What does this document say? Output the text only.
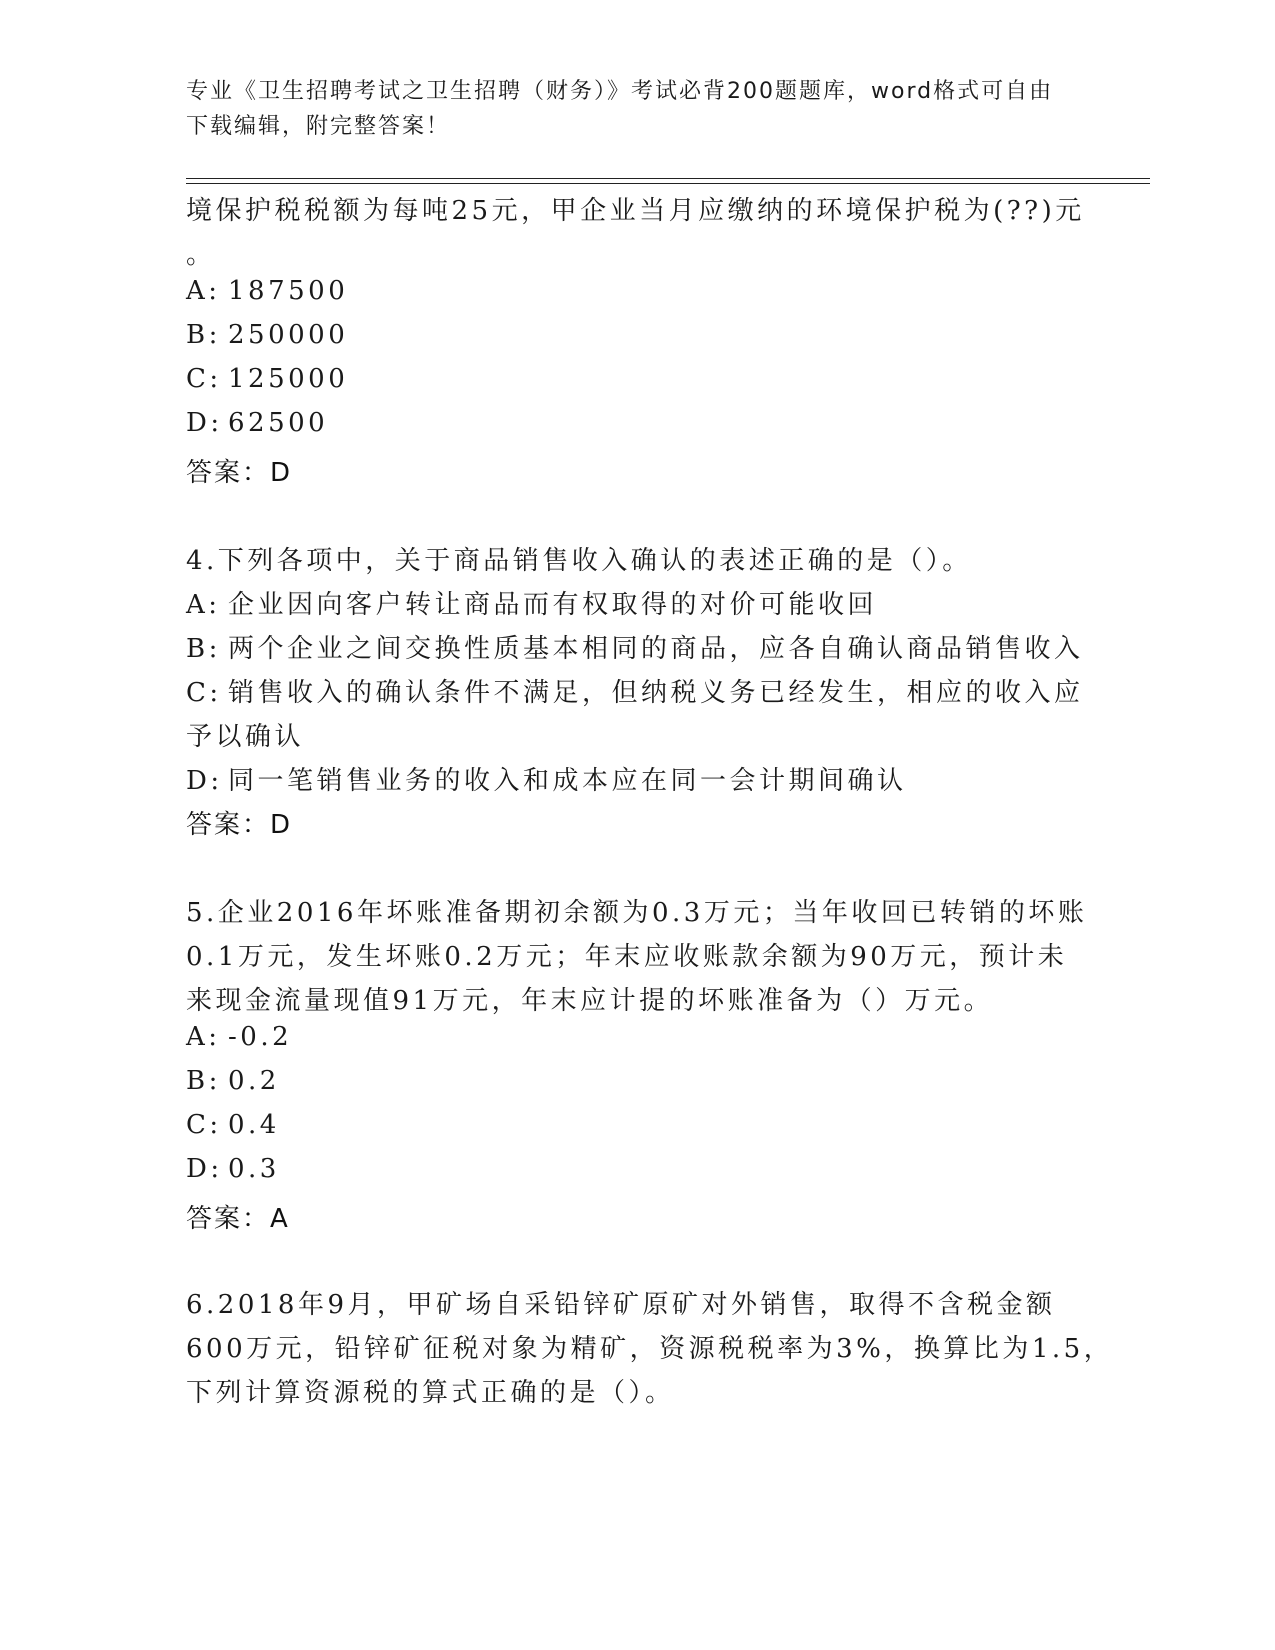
专业《卫生招聘考试之卫生招聘（财务）》考试必背200题题库，word格式可自由下载编辑，附完整答案！
境保护税税额为每吨25元，甲企业当月应缴纳的环境保护税为(??)元
。
A: 187500
B: 250000
C: 125000
D: 62500
答案：D
4.下列各项中，关于商品销售收入确认的表述正确的是（）。
A: 企业因向客户转让商品而有权取得的对价可能收回
B: 两个企业之间交换性质基本相同的商品，应各自确认商品销售收入
C: 销售收入的确认条件不满足，但纳税义务已经发生，相应的收入应
予以确认
D: 同一笔销售业务的收入和成本应在同一会计期间确认
答案：D
5.企业2016年坏账准备期初余额为0.3万元；当年收回已转销的坏账
0.1万元，发生坏账0.2万元；年末应收账款余额为90万元，预计未
来现金流量现值91万元，年末应计提的坏账准备为（）万元。
A: -0.2
B: 0.2
C: 0.4
D: 0.3
答案：A
6.2018年9月，甲矿场自采铅锌矿原矿对外销售，取得不含税金额
600万元，铅锌矿征税对象为精矿，资源税税率为3%，换算比为1.5，
下列计算资源税的算式正确的是（）。
